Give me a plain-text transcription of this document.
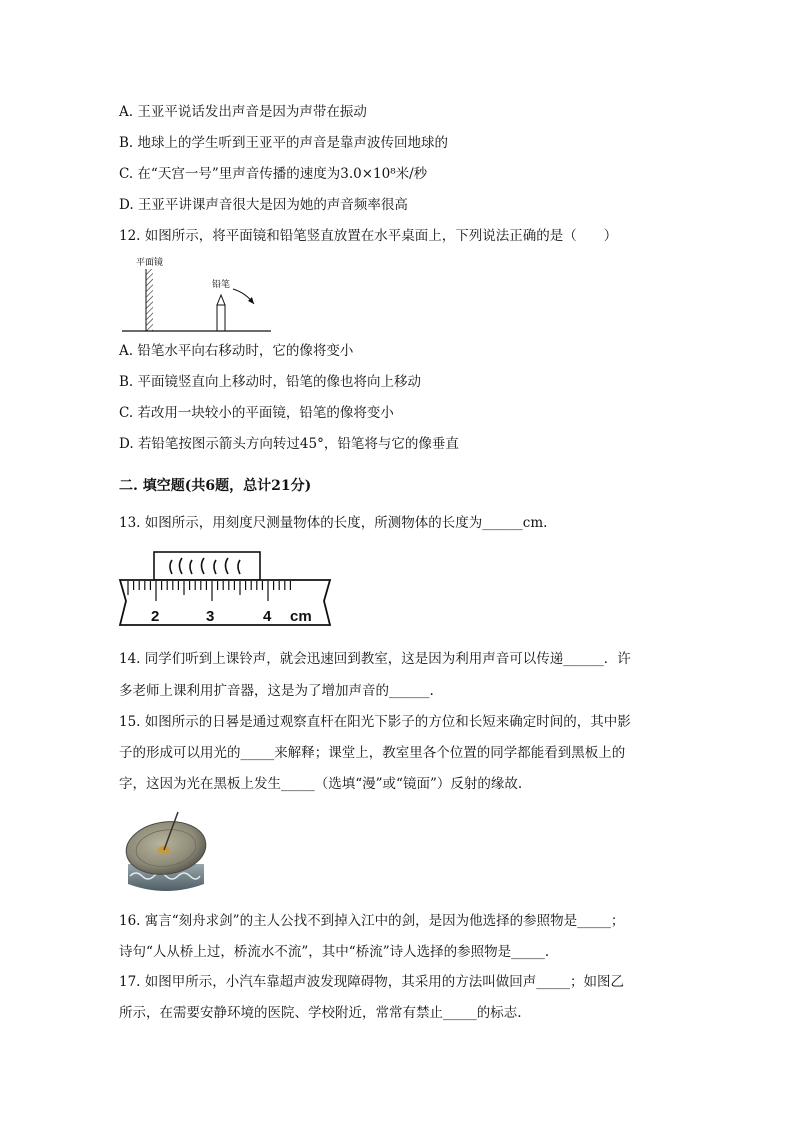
A. 王亚平说话发出声音是因为声带在振动
B. 地球上的学生听到王亚平的声音是靠声波传回地球的
C. 在“天宫一号”里声音传播的速度为3.0×10⁸米/秒
D. 王亚平讲课声音很大是因为她的声音频率很高
12. 如图所示，将平面镜和铅笔竖直放置在水平桌面上，下列说法正确的是（　　）
平面镜
铅笔
A. 铅笔水平向右移动时，它的像将变小
B. 平面镜竖直向上移动时，铅笔的像也将向上移动
C. 若改用一块较小的平面镜，铅笔的像将变小
D. 若铅笔按图示箭头方向转过45°，铅笔将与它的像垂直
二. 填空题(共6题，总计21分)
13. 如图所示，用刻度尺测量物体的长度，所测物体的长度为______cm.
2	3	4 cm
14. 同学们听到上课铃声，就会迅速回到教室，这是因为利用声音可以传递______．许
多老师上课利用扩音器，这是为了增加声音的______.
15. 如图所示的日晷是通过观察直杆在阳光下影子的方位和长短来确定时间的，其中影
子的形成可以用光的_____来解释；课堂上，教室里各个位置的同学都能看到黑板上的
字，这因为光在黑板上发生_____（选填“漫”或“镜面”）反射的缘故.
16. 寓言“刻舟求剑”的主人公找不到掉入江中的剑，是因为他选择的参照物是_____；
诗句“人从桥上过，桥流水不流”，其中“桥流”诗人选择的参照物是_____.
17. 如图甲所示，小汽车靠超声波发现障碍物，其采用的方法叫做回声_____；如图乙
所示，在需要安静环境的医院、学校附近，常常有禁止_____的标志.
